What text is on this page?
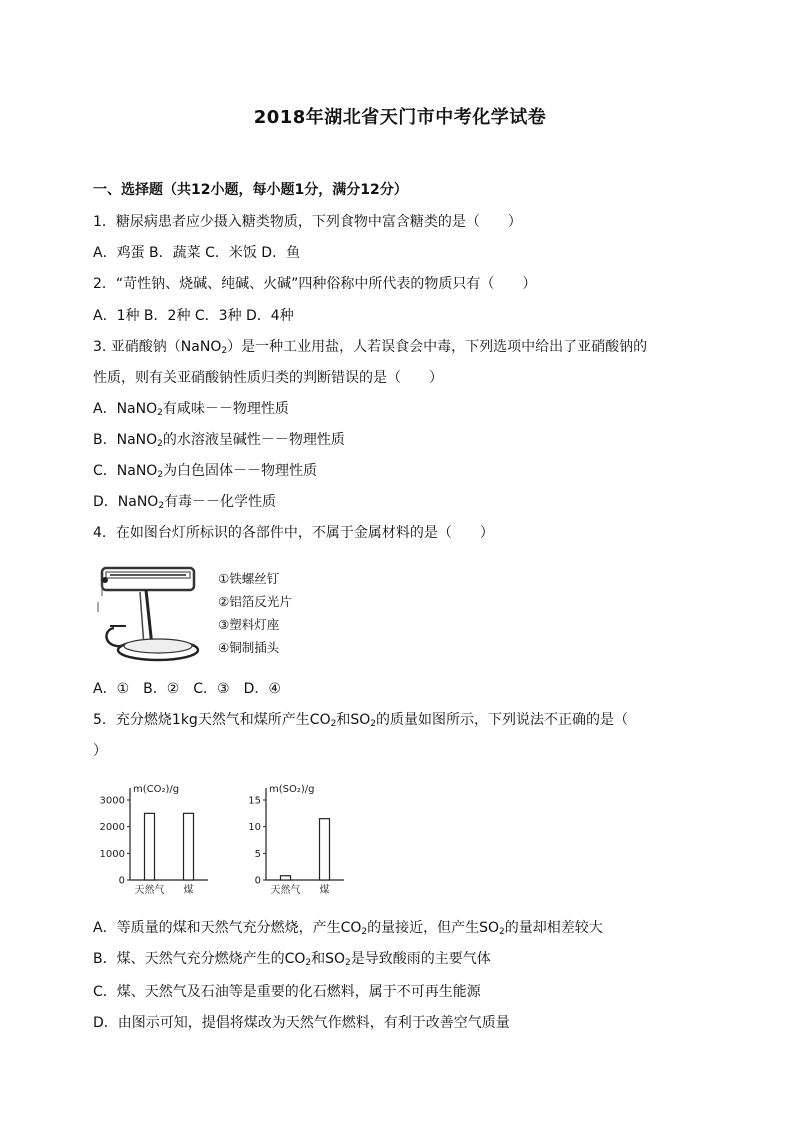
2018年湖北省天门市中考化学试卷
一、选择题（共12小题，每小题1分，满分12分）
1．糖尿病患者应少摄入糖类物质，下列食物中富含糖类的是（　　）
A．鸡蛋 B．蔬菜 C．米饭 D．鱼
2．“苛性钠、烧碱、纯碱、火碱”四种俗称中所代表的物质只有（　　）
A．1种 B．2种 C．3种 D．4种
3. 亚硝酸钠（NaNO$_2$）是一种工业用盐，人若误食会中毒，下列选项中给出了亚硝酸钠的
性质，则有关亚硝酸钠性质归类的判断错误的是（　　）
A．NaNO$_2$有咸味－－物理性质
B．NaNO$_2$的水溶液呈碱性－－物理性质
C．NaNO$_2$为白色固体－－物理性质
D．NaNO$_2$有毒－－化学性质
4．在如图台灯所标识的各部件中，不属于金属材料的是（　　）
①铁螺丝钉
②铝箔反光片
③塑料灯座
④铜制插头
A．①　B．②　C．③　D．④
5．充分燃烧1kg天然气和煤所产生$CO_2$和$SO_2$的质量如图所示，下列说法不正确的是（
）
m(CO₂)/g
3000
2000
1000
0
天然气 煤
m(SO₂)/g
15
10
5
0
天然气 煤
A．等质量的煤和天然气充分燃烧，产生$CO_2$的量接近，但产生$SO_2$的量却相差较大
B．煤、天然气充分燃烧产生的$CO_2$和$SO_2$是导致酸雨的主要气体
C．煤、天然气及石油等是重要的化石燃料，属于不可再生能源
D．由图示可知，提倡将煤改为天然气作燃料，有利于改善空气质量
